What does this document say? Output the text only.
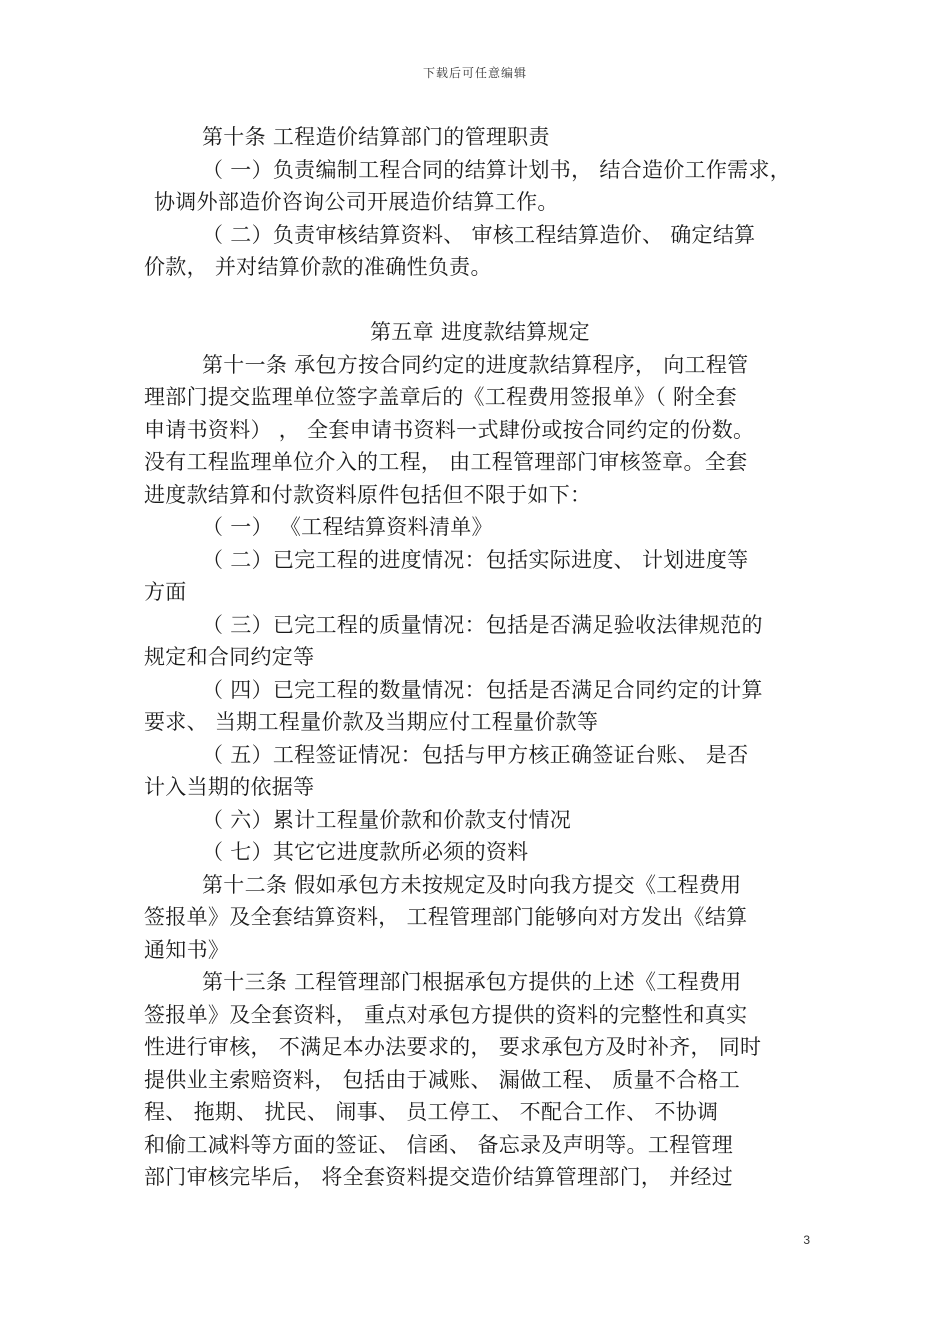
下载后可任意编辑
第十条 工程造价结算部门的管理职责
（ 一）负责编制工程合同的结算计划书， 结合造价工作需求，
协调外部造价咨询公司开展造价结算工作。
（ 二）负责审核结算资料、 审核工程结算造价、 确定结算
价款， 并对结算价款的准确性负责。
第五章 进度款结算规定
第十一条 承包方按合同约定的进度款结算程序， 向工程管
理部门提交监理单位签字盖章后的《工程费用签报单》（ 附全套
申请书资料） ， 全套申请书资料一式肆份或按合同约定的份数。
没有工程监理单位介入的工程， 由工程管理部门审核签章。全套
进度款结算和付款资料原件包括但不限于如下：
（ 一） 《工程结算资料清单》
（ 二）已完工程的进度情况：包括实际进度、 计划进度等
方面
（ 三）已完工程的质量情况：包括是否满足验收法律规范的
规定和合同约定等
（ 四）已完工程的数量情况：包括是否满足合同约定的计算
要求、 当期工程量价款及当期应付工程量价款等
（ 五）工程签证情况：包括与甲方核正确签证台账、 是否
计入当期的依据等
（ 六）累计工程量价款和价款支付情况
（ 七）其它它进度款所必须的资料
第十二条 假如承包方未按规定及时向我方提交《工程费用
签报单》及全套结算资料， 工程管理部门能够向对方发出《结算
通知书》
第十三条 工程管理部门根据承包方提供的上述《工程费用
签报单》及全套资料， 重点对承包方提供的资料的完整性和真实
性进行审核， 不满足本办法要求的， 要求承包方及时补齐， 同时
提供业主索赔资料， 包括由于减账、 漏做工程、 质量不合格工
程、 拖期、 扰民、 闹事、 员工停工、 不配合工作、 不协调
和偷工减料等方面的签证、 信函、 备忘录及声明等。工程管理
部门审核完毕后， 将全套资料提交造价结算管理部门， 并经过
3
